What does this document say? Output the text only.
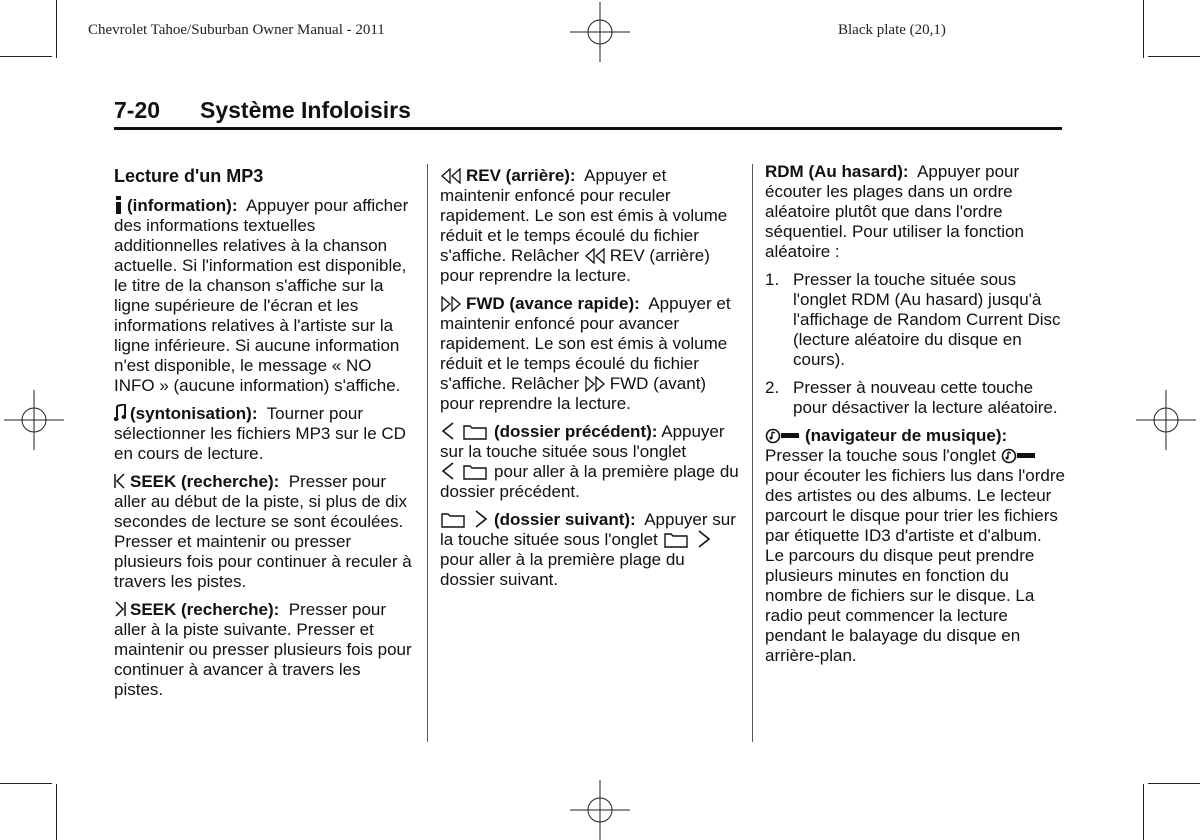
Chevrolet Tahoe/Suburban Owner Manual - 2011	Black plate (20,1)
7-20	Système Infoloisirs
Lecture d'un MP3

(information): Appuyer pour afficher des informations textuelles additionnelles relatives à la chanson actuelle. Si l'information est disponible, le titre de la chanson s'affiche sur la ligne supérieure de l'écran et les informations relatives à l'artiste sur la ligne inférieure. Si aucune information n'est disponible, le message « NO INFO » (aucune information) s'affiche.

(syntonisation): Tourner pour sélectionner les fichiers MP3 sur le CD en cours de lecture.

SEEK (recherche): Presser pour aller au début de la piste, si plus de dix secondes de lecture se sont écoulées. Presser et maintenir ou presser plusieurs fois pour continuer à reculer à travers les pistes.

SEEK (recherche): Presser pour aller à la piste suivante. Presser et maintenir ou presser plusieurs fois pour continuer à avancer à travers les pistes.

REV (arrière): Appuyer et maintenir enfoncé pour reculer rapidement. Le son est émis à volume réduit et le temps écoulé du fichier s'affiche. Relâcher REV (arrière) pour reprendre la lecture.

FWD (avance rapide): Appuyer et maintenir enfoncé pour avancer rapidement. Le son est émis à volume réduit et le temps écoulé du fichier s'affiche. Relâcher FWD (avant) pour reprendre la lecture.

(dossier précédent): Appuyer sur la touche située sous l'onglet
pour aller à la première plage du dossier précédent.

(dossier suivant): Appuyer sur la touche située sous l'onglet
pour aller à la première plage du dossier suivant.

RDM (Au hasard): Appuyer pour écouter les plages dans un ordre aléatoire plutôt que dans l'ordre séquentiel. Pour utiliser la fonction aléatoire :

1. Presser la touche située sous l'onglet RDM (Au hasard) jusqu'à l'affichage de Random Current Disc (lecture aléatoire du disque en cours).
2. Presser à nouveau cette touche pour désactiver la lecture aléatoire.

(navigateur de musique):
Presser la touche sous l'onglet
pour écouter les fichiers lus dans l'ordre des artistes ou des albums. Le lecteur parcourt le disque pour trier les fichiers par étiquette ID3 d'artiste et d'album. Le parcours du disque peut prendre plusieurs minutes en fonction du nombre de fichiers sur le disque. La radio peut commencer la lecture pendant le balayage du disque en arrière-plan.
